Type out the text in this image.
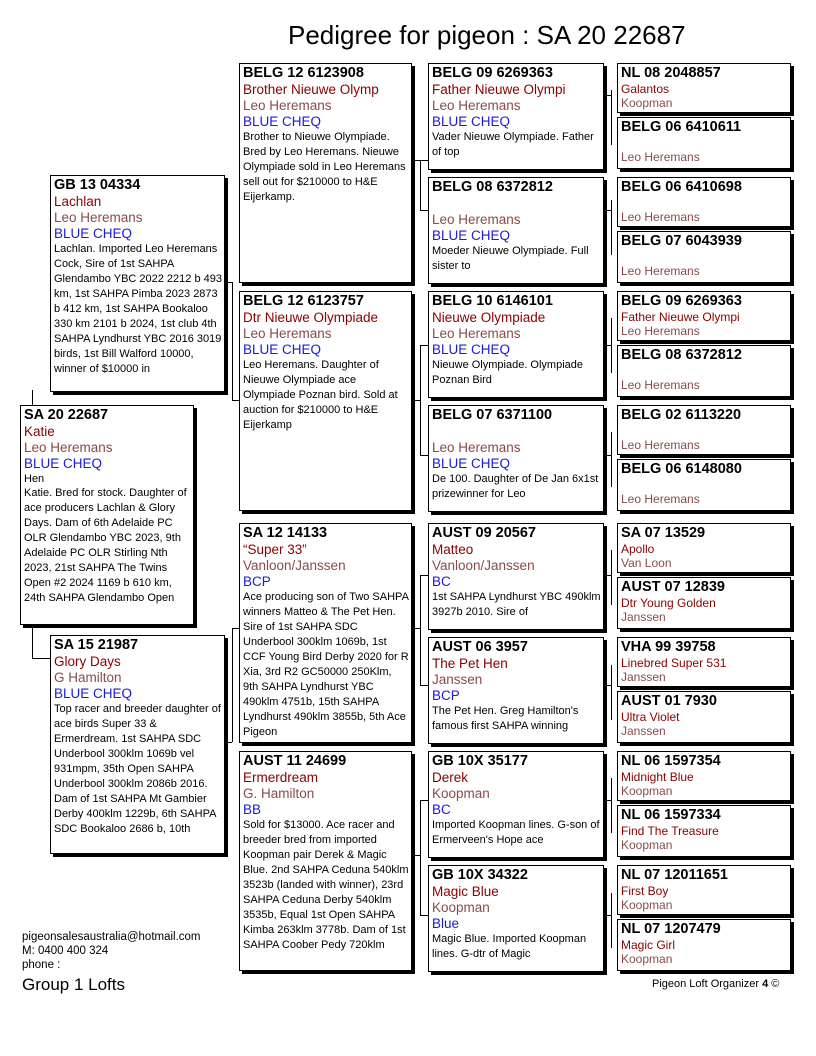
Pedigree for pigeon : SA 20 22687
SA 20 22687
Katie
Leo Heremans
BLUE CHEQ
Hen
Katie. Bred for stock. Daughter of ace producers Lachlan & Glory Days. Dam of 6th Adelaide PC OLR Glendambo YBC 2023, 9th Adelaide PC OLR Stirling Nth 2023, 21st SAHPA The Twins Open #2 2024 1169 b 610 km, 24th SAHPA Glendambo Open
GB 13 04334
Lachlan
Leo Heremans
BLUE CHEQ
Lachlan. Imported Leo Heremans Cock, Sire of 1st SAHPA Glendambo YBC 2022 2212 b 493 km, 1st SAHPA Pimba 2023 2873 b 412 km, 1st SAHPA Bookaloo 330 km 2101 b 2024, 1st club 4th SAHPA Lyndhurst YBC 2016 3019 birds, 1st Bill Walford 10000, winner of $10000 in
SA 15 21987
Glory Days
G Hamilton
BLUE CHEQ
Top racer and breeder daughter of ace birds Super 33 & Ermerdream. 1st SAHPA SDC Underbool 300klm 1069b vel 931mpm, 35th Open SAHPA Underbool 300klm 2086b 2016. Dam of 1st SAHPA Mt Gambier Derby 400klm 1229b, 6th SAHPA SDC Bookaloo 2686 b, 10th
BELG 12 6123908
Brother Nieuwe Olymp
Leo Heremans
BLUE CHEQ
Brother to Nieuwe Olympiade. Bred by Leo Heremans. Nieuwe Olympiade sold in Leo Heremans sell out for $210000 to H&E Eijerkamp.
BELG 12 6123757
Dtr Nieuwe Olympiade
Leo Heremans
BLUE CHEQ
Leo Heremans. Daughter of Nieuwe Olympiade ace Olympiade Poznan bird. Sold at auction for $210000 to H&E Eijerkamp
SA 12 14133
“Super 33”
Vanloon/Janssen
BCP
Ace producing son of Two SAHPA winners Matteo & The Pet Hen. Sire of 1st SAHPA SDC Underbool 300klm 1069b, 1st CCF Young Bird Derby 2020 for R Xia, 3rd R2 GC50000 250Klm, 9th SAHPA Lyndhurst YBC 490klm 4751b, 15th SAHPA Lyndhurst 490klm 3855b, 5th Ace Pigeon
AUST 11 24699
Ermerdream
G. Hamilton
BB
Sold for $13000. Ace racer and breeder bred from imported Koopman pair Derek & Magic Blue. 2nd SAHPA Ceduna 540klm 3523b (landed with winner), 23rd SAHPA Ceduna Derby 540klm 3535b, Equal 1st Open SAHPA Kimba 263klm 3778b. Dam of 1st SAHPA Coober Pedy 720klm
BELG 09 6269363
Father Nieuwe Olympi
Leo Heremans
BLUE CHEQ
Vader Nieuwe Olympiade. Father of top
BELG 08 6372812
Leo Heremans
BLUE CHEQ
Moeder Nieuwe Olympiade. Full sister to
BELG 10 6146101
Nieuwe Olympiade
Leo Heremans
BLUE CHEQ
Nieuwe Olympiade. Olympiade Poznan Bird
BELG 07 6371100
Leo Heremans
BLUE CHEQ
De 100. Daughter of De Jan 6x1st prizewinner for Leo
AUST 09 20567
Matteo
Vanloon/Janssen
BC
1st SAHPA Lyndhurst YBC 490klm 3927b 2010. Sire of
AUST 06 3957
The Pet Hen
Janssen
BCP
The Pet Hen. Greg Hamilton's famous first SAHPA winning
GB 10X 35177
Derek
Koopman
BC
Imported Koopman lines. G-son of Ermerveen's Hope ace
GB 10X 34322
Magic Blue
Koopman
Blue
Magic Blue. Imported Koopman lines. G-dtr of Magic
NL 08 2048857
Galantos
Koopman
BELG 06 6410611
Leo Heremans
BELG 06 6410698
Leo Heremans
BELG 07 6043939
Leo Heremans
BELG 09 6269363
Father Nieuwe Olympi
Leo Heremans
BELG 08 6372812
Leo Heremans
BELG 02 6113220
Leo Heremans
BELG 06 6148080
Leo Heremans
SA 07 13529
Apollo
Van Loon
AUST 07 12839
Dtr Young Golden
Janssen
VHA 99 39758
Linebred Super 531
Janssen
AUST 01 7930
Ultra Violet
Janssen
NL 06 1597354
Midnight Blue
Koopman
NL 06 1597334
Find The Treasure
Koopman
NL 07 12011651
First Boy
Koopman
NL 07 1207479
Magic Girl
Koopman
pigeonsalesaustralia@hotmail.com
M: 0400 400 324
phone :
Group 1 Lofts	Pigeon Loft Organizer 4 ©
